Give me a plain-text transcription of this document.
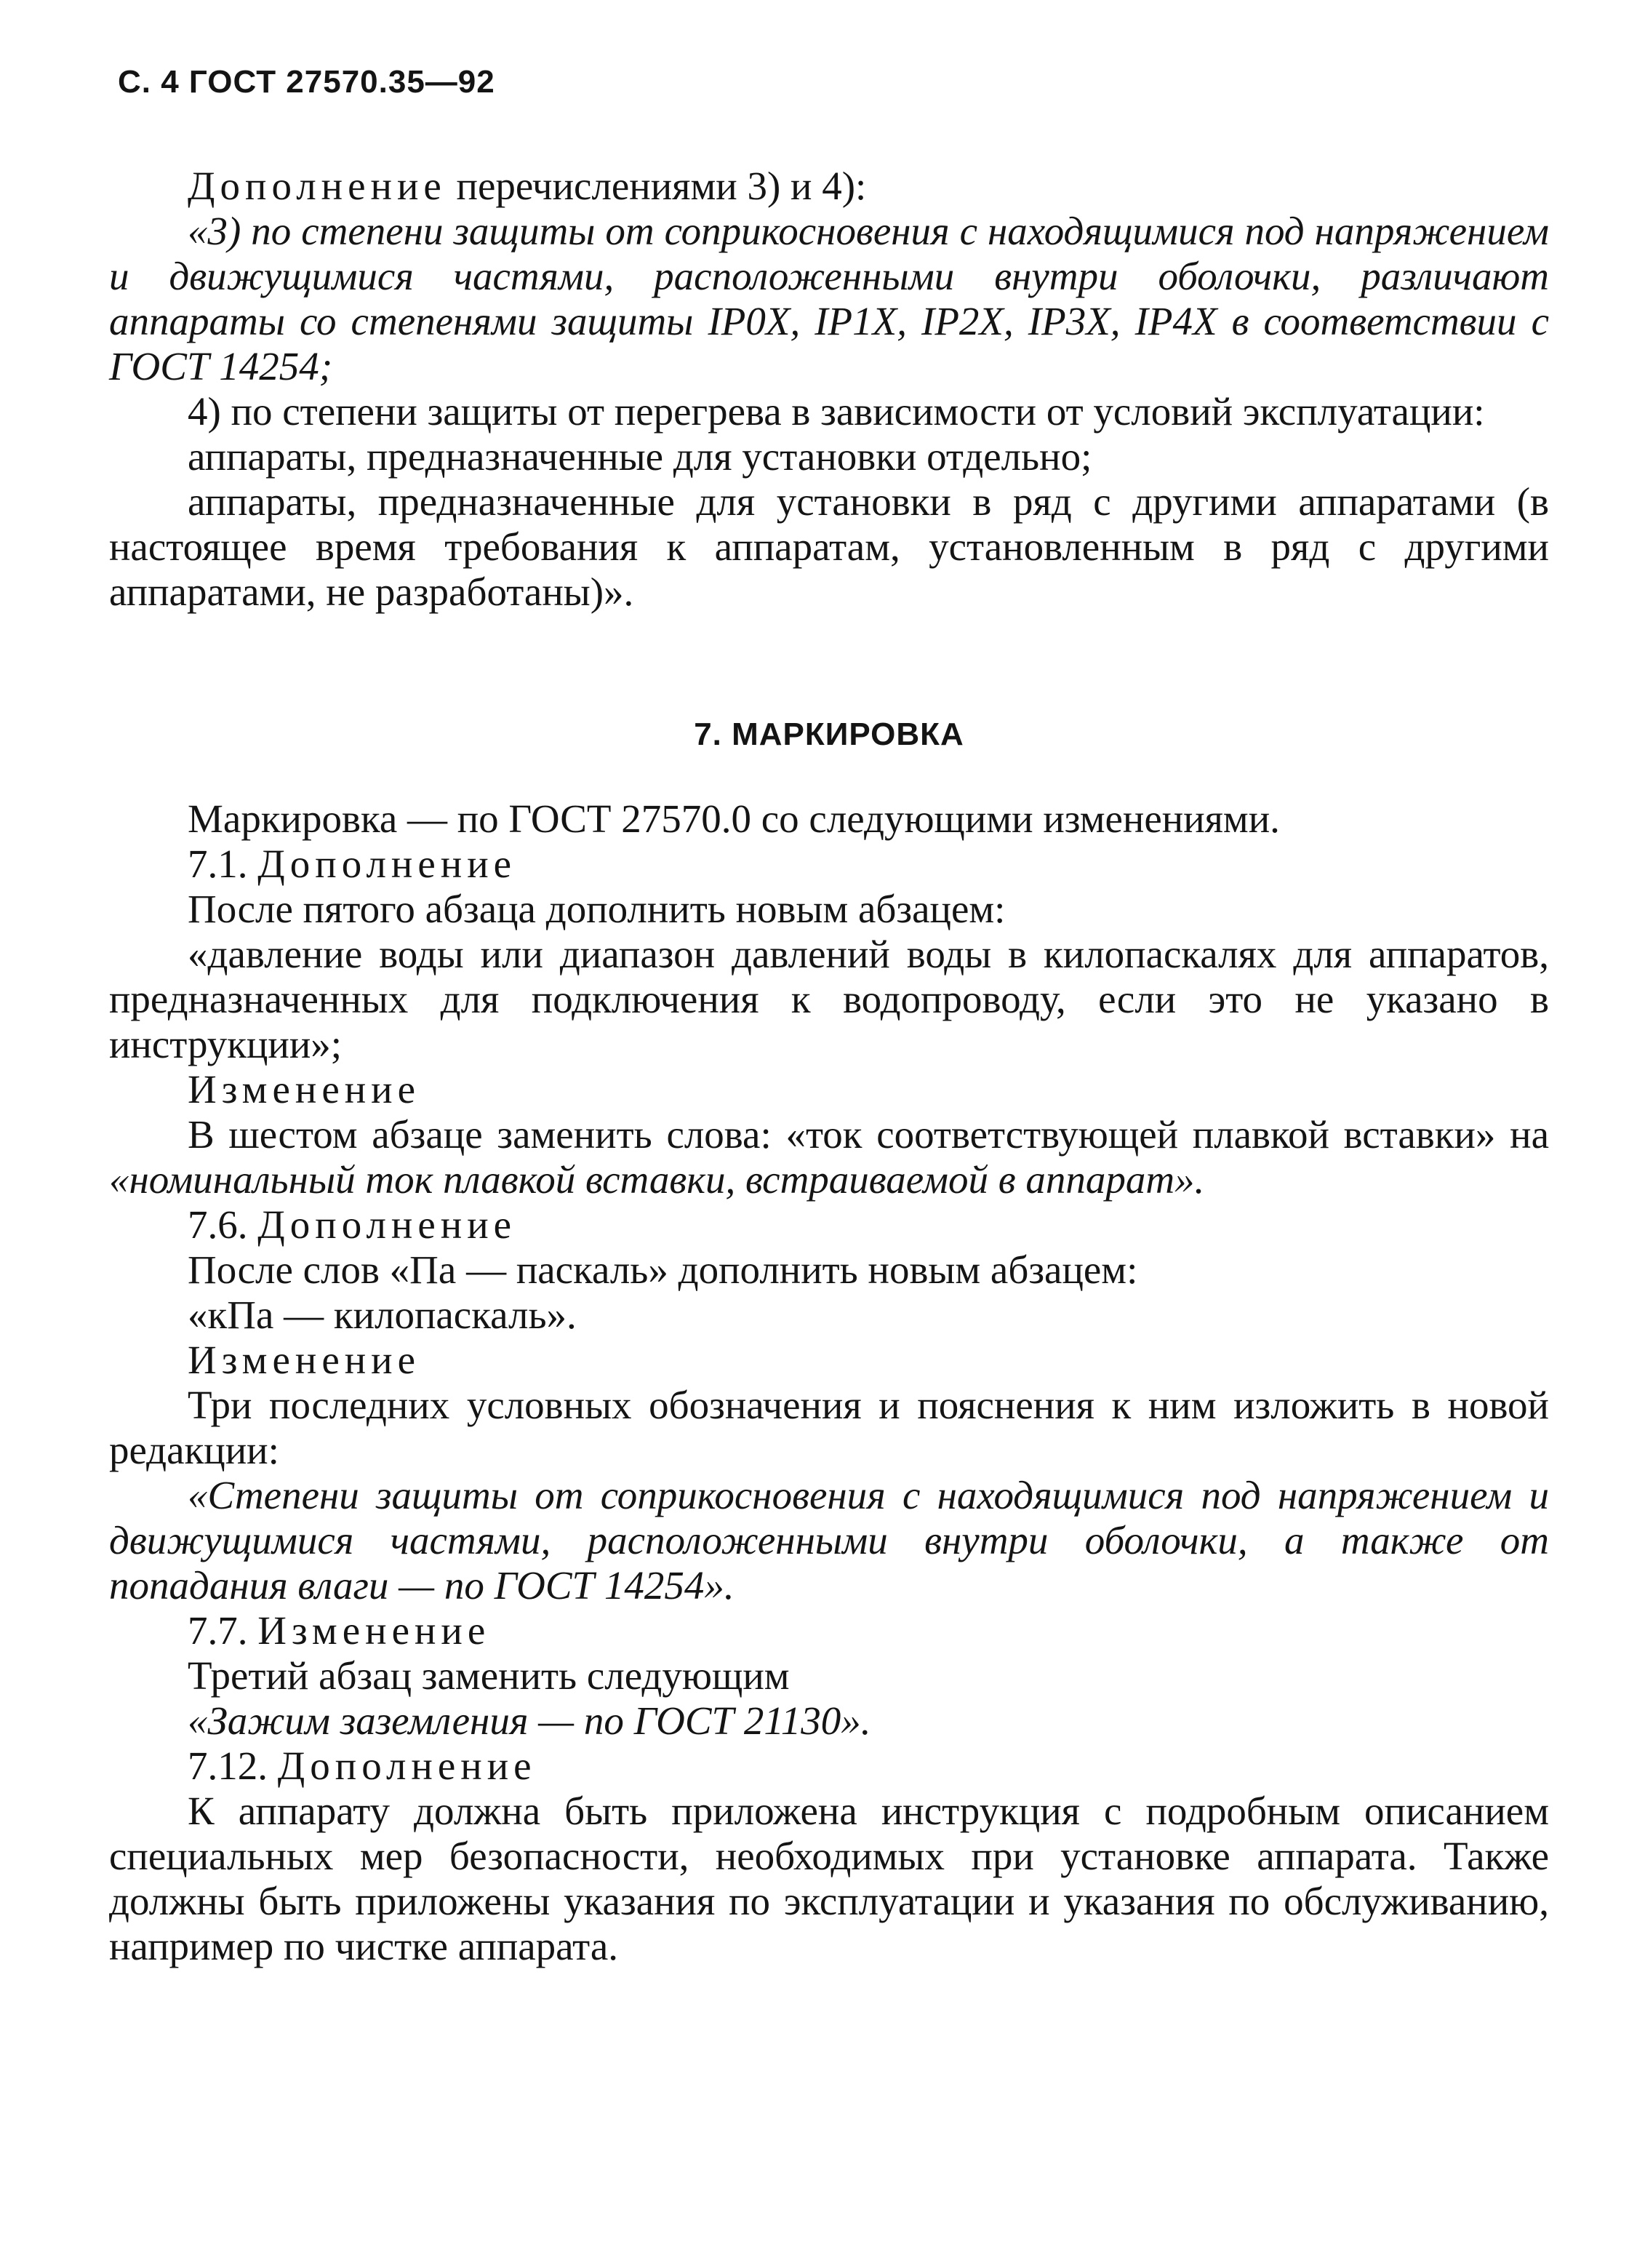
С. 4 ГОСТ 27570.35—92

Дополнение перечислениями 3) и 4):

«3) по степени защиты от соприкосновения с находящимися под напряжением и движущимися частями, расположенными внутри оболочки, различают аппараты со степенями защиты IP0X, IP1X, IP2X, IP3X, IP4X в соответствии с ГОСТ 14254;

4) по степени защиты от перегрева в зависимости от условий эксплуатации:

аппараты, предназначенные для установки отдельно;

аппараты, предназначенные для установки в ряд с другими аппаратами (в настоящее время требования к аппаратам, установленным в ряд с другими аппаратами, не разработаны)».

7. МАРКИРОВКА

Маркировка — по ГОСТ 27570.0 со следующими изменениями.

7.1. Дополнение

После пятого абзаца дополнить новым абзацем:

«давление воды или диапазон давлений воды в килопаскалях для аппаратов, предназначенных для подключения к водопроводу, если это не указано в инструкции»;

Изменение

В шестом абзаце заменить слова: «ток соответствующей плавкой вставки» на «номинальный ток плавкой вставки, встраиваемой в аппарат».

7.6. Дополнение

После слов «Па — паскаль» дополнить новым абзацем:

«кПа — килопаскаль».

Изменение

Три последних условных обозначения и пояснения к ним изложить в новой редакции:

«Степени защиты от соприкосновения с находящимися под напряжением и движущимися частями, расположенными внутри оболочки, а также от попадания влаги — по ГОСТ 14254».

7.7. Изменение

Третий абзац заменить следующим

«Зажим заземления — по ГОСТ 21130».

7.12. Дополнение

К аппарату должна быть приложена инструкция с подробным описанием специальных мер безопасности, необходимых при установке аппарата. Также должны быть приложены указания по эксплуатации и указания по обслуживанию, например по чистке аппарата.
